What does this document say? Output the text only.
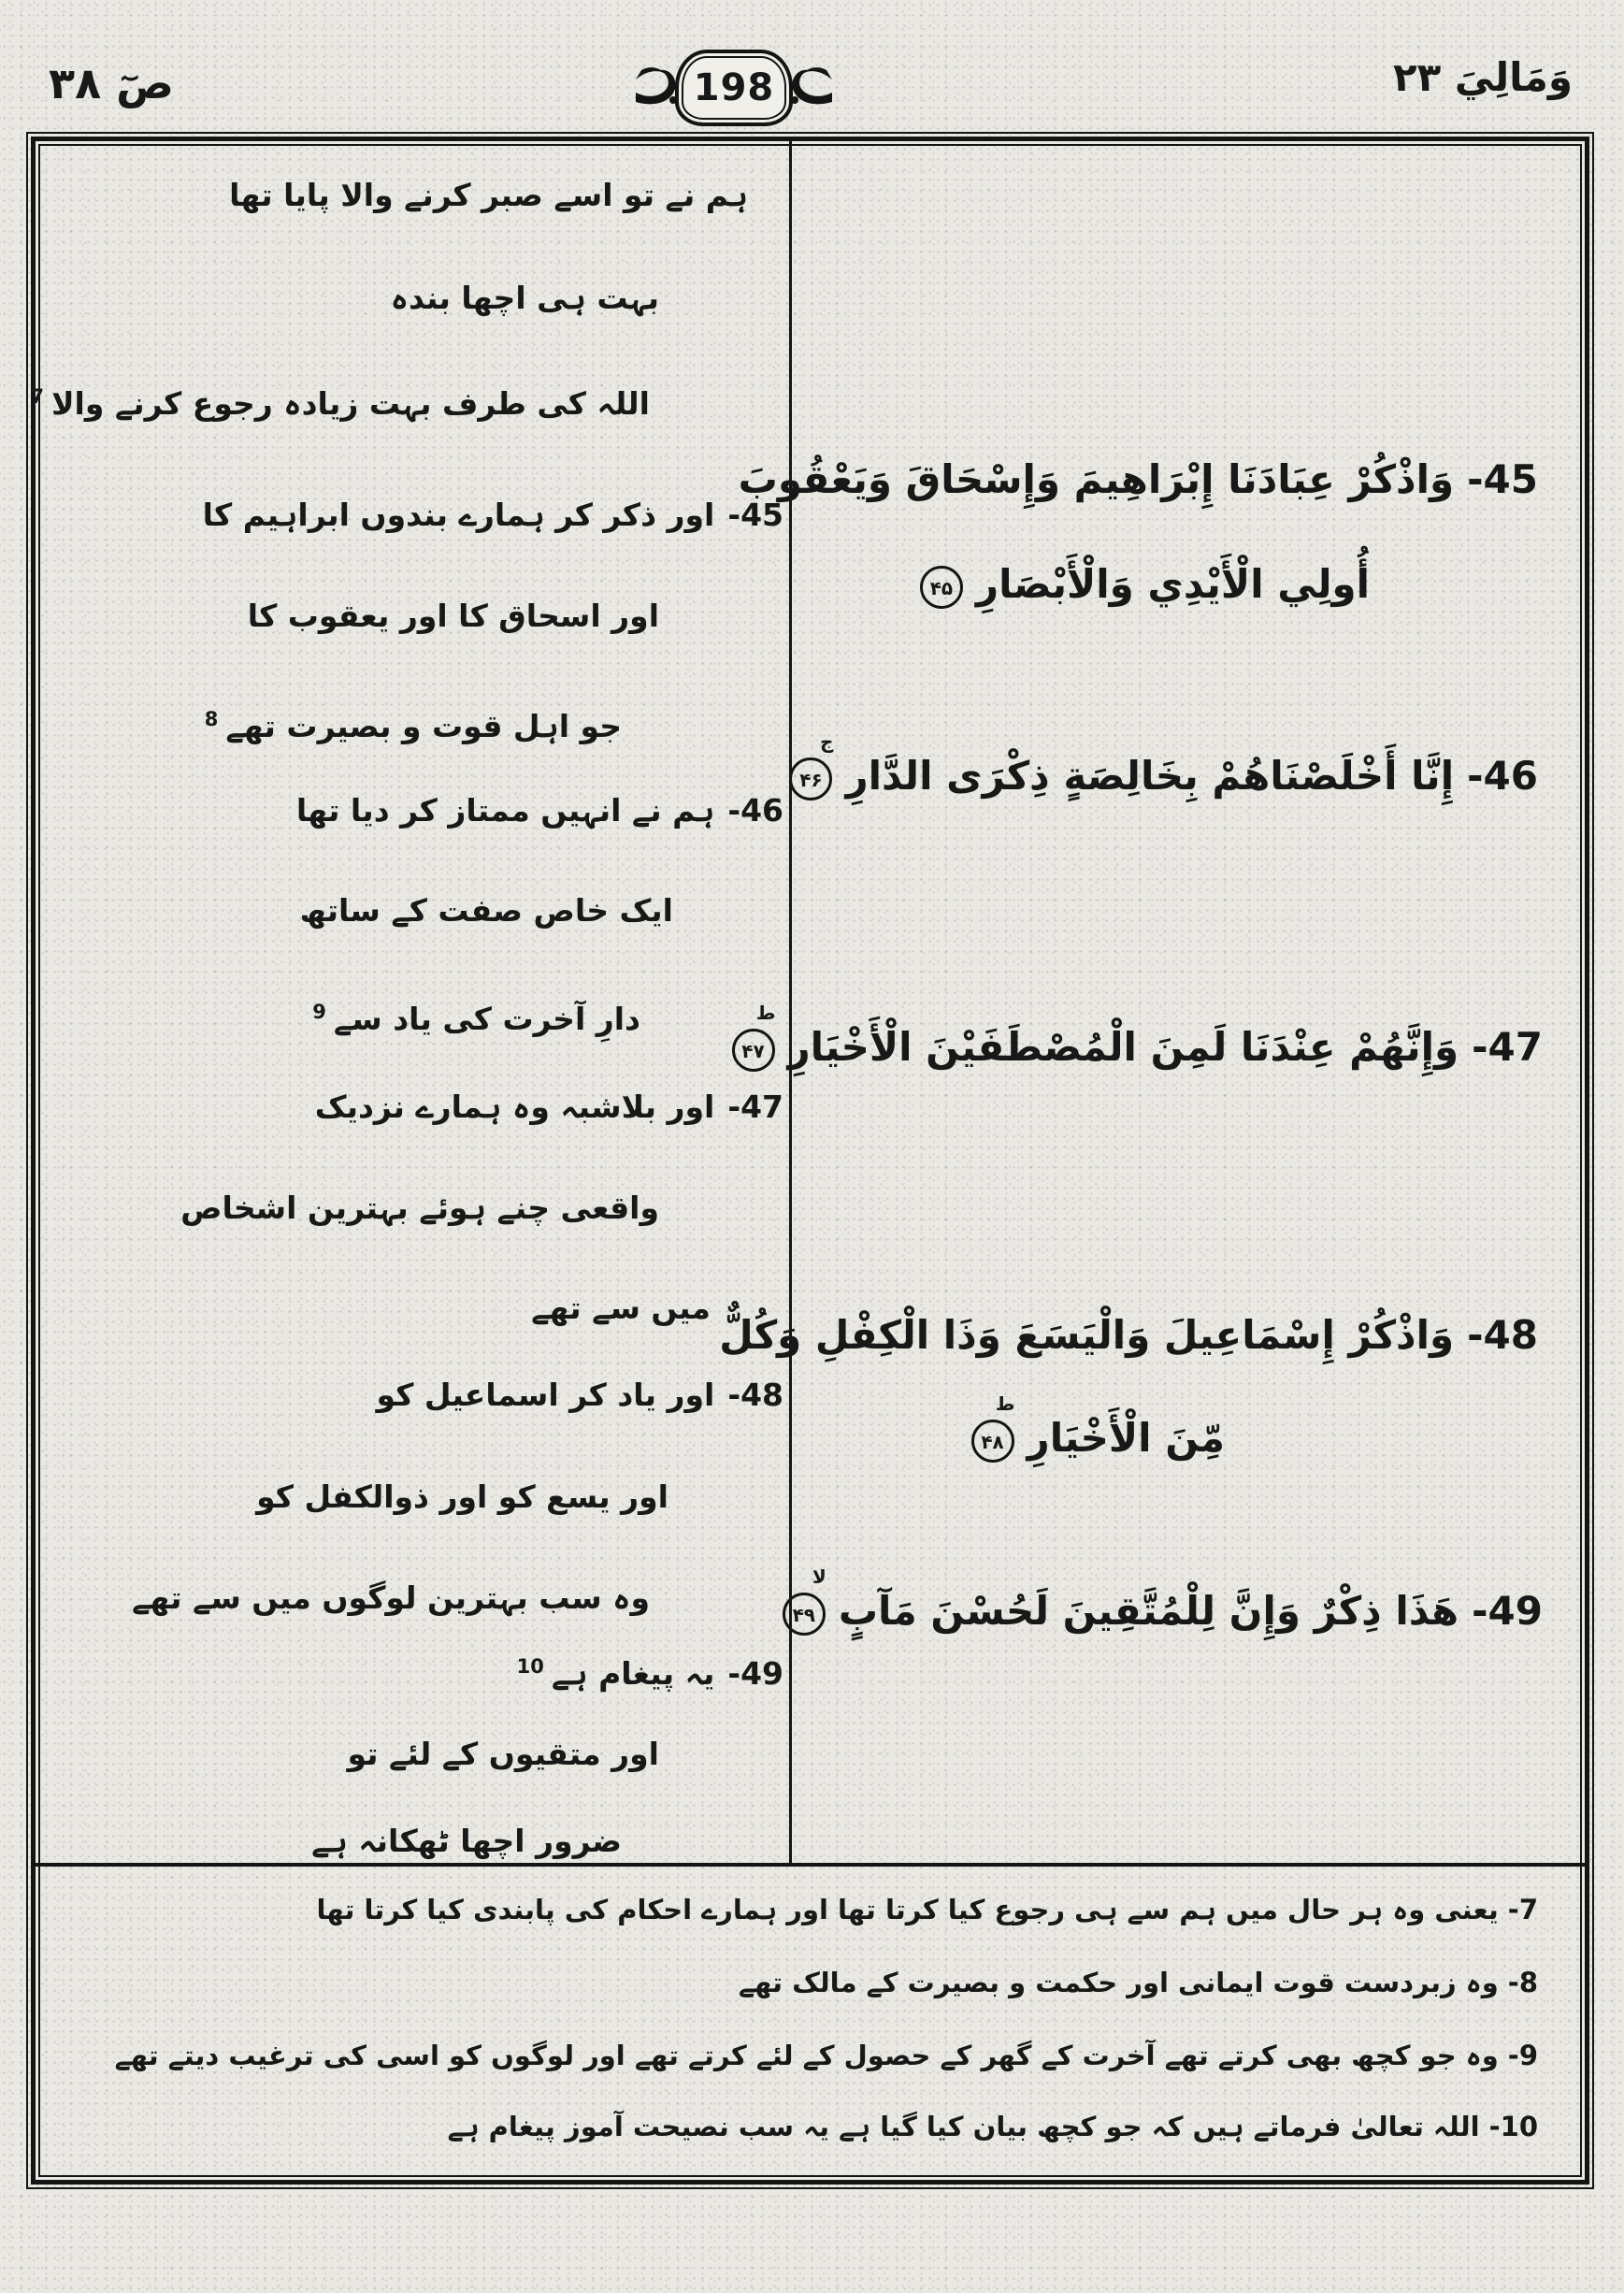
صٓ ۳۸	198	وَمَالِيَ ۲۳
ہم نے تو اسے صبر کرنے والا پایا تھا
بہت ہی اچھا بندہ
اللہ کی طرف بہت زیادہ رجوع کرنے والا$^7$
45-اور ذکر کر ہمارے بندوں ابراہیم کا
اور اسحاق کا اور یعقوب کا
جو اہل قوت و بصیرت تھے$^8$
46-ہم نے انہیں ممتاز کر دیا تھا
ایک خاص صفت کے ساتھ
دارِ آخرت کی یاد سے$^9$
47-اور بلاشبہ وہ ہمارے نزدیک
واقعی چنے ہوئے بہترین اشخاص
میں سے تھے
48-اور یاد کر اسماعیل کو
اور یسع کو اور ذوالکفل کو
وہ سب بہترین لوگوں میں سے تھے
49-یہ پیغام ہے$^{10}$
اور متقیوں کے لئے تو
ضرور اچھا ٹھکانہ ہے
45-وَاذْكُرْ عِبَادَنَا إِبْرَاهِيمَ وَإِسْحَاقَ وَيَعْقُوبَ
أُولِي الْأَيْدِي وَالْأَبْصَارِ۴۵
46-إِنَّا أَخْلَصْنَاهُمْ بِخَالِصَةٍ ذِكْرَى الدَّارِ
ج
۴۶
47-وَإِنَّهُمْ عِنْدَنَا لَمِنَ الْمُصْطَفَيْنَ الْأَخْيَارِ
ط
۴۷
48-وَاذْكُرْ إِسْمَاعِيلَ وَالْيَسَعَ وَذَا الْكِفْلِ وَكُلٌّ
مِّنَ الْأَخْيَارِ
ط
۴۸
49-هَذَا ذِكْرٌ وَإِنَّ لِلْمُتَّقِينَ لَحُسْنَ مَآبٍ
لا
۴۹
7-یعنی وہ ہر حال میں ہم سے ہی رجوع کیا کرتا تھا اور ہمارے احکام کی پابندی کیا کرتا تھا
8-وہ زبردست قوت ایمانی اور حکمت و بصیرت کے مالک تھے
9-وہ جو کچھ بھی کرتے تھے آخرت کے گھر کے حصول کے لئے کرتے تھے اور لوگوں کو اسی کی ترغیب دیتے تھے
10-اللہ تعالیٰ فرماتے ہیں کہ جو کچھ بیان کیا گیا ہے یہ سب نصیحت آموز پیغام ہے
